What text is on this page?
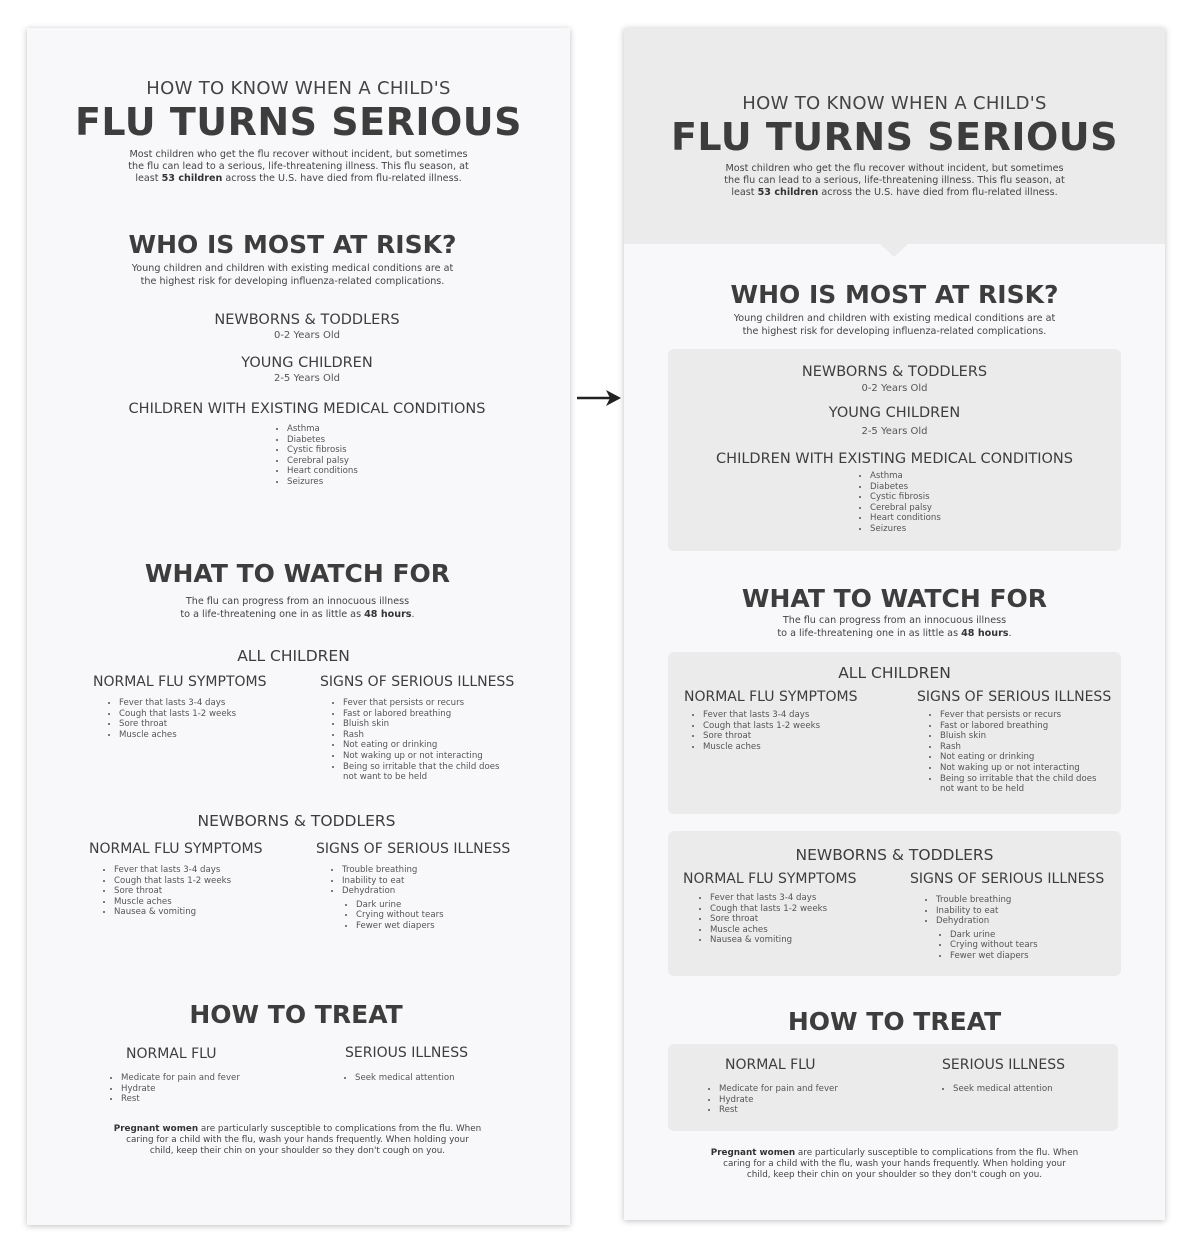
HOW TO KNOW WHEN A CHILD'S
FLU TURNS SERIOUS
Most children who get the flu recover without incident, but sometimes
the flu can lead to a serious, life-threatening illness. This flu season, at
least 53 children across the U.S. have died from flu-related illness.
WHO IS MOST AT RISK?
Young children and children with existing medical conditions are at
the highest risk for developing influenza-related complications.
NEWBORNS & TODDLERS
0-2 Years Old
YOUNG CHILDREN
2-5 Years Old
CHILDREN WITH EXISTING MEDICAL CONDITIONS
• Asthma
• Diabetes
• Cystic fibrosis
• Cerebral palsy
• Heart conditions
• Seizures
WHAT TO WATCH FOR
The flu can progress from an innocuous illness
to a life-threatening one in as little as 48 hours.
ALL CHILDREN
NORMAL FLU SYMPTOMS	SIGNS OF SERIOUS ILLNESS
• Fever that lasts 3-4 days
• Cough that lasts 1-2 weeks
• Sore throat
• Muscle aches
• Fever that persists or recurs
• Fast or labored breathing
• Bluish skin
• Rash
• Not eating or drinking
• Not waking up or not interacting
• Being so irritable that the child does not want to be held
NEWBORNS & TODDLERS
NORMAL FLU SYMPTOMS	SIGNS OF SERIOUS ILLNESS
• Fever that lasts 3-4 days
• Cough that lasts 1-2 weeks
• Sore throat
• Muscle aches
• Nausea & vomiting
• Trouble breathing
• Inability to eat
• Dehydration
• Dark urine
• Crying without tears
• Fewer wet diapers
HOW TO TREAT
NORMAL FLU	SERIOUS ILLNESS
• Medicate for pain and fever
• Hydrate
• Rest
• Seek medical attention
Pregnant women are particularly susceptible to complications from the flu. When
caring for a child with the flu, wash your hands frequently. When holding your
child, keep their chin on your shoulder so they don't cough on you.
HOW TO KNOW WHEN A CHILD'S
FLU TURNS SERIOUS
Most children who get the flu recover without incident, but sometimes
the flu can lead to a serious, life-threatening illness. This flu season, at
least 53 children across the U.S. have died from flu-related illness.
WHO IS MOST AT RISK?
Young children and children with existing medical conditions are at
the highest risk for developing influenza-related complications.
NEWBORNS & TODDLERS
0-2 Years Old
YOUNG CHILDREN
2-5 Years Old
CHILDREN WITH EXISTING MEDICAL CONDITIONS
• Asthma
• Diabetes
• Cystic fibrosis
• Cerebral palsy
• Heart conditions
• Seizures
WHAT TO WATCH FOR
The flu can progress from an innocuous illness
to a life-threatening one in as little as 48 hours.
ALL CHILDREN
NORMAL FLU SYMPTOMS	SIGNS OF SERIOUS ILLNESS
• Fever that lasts 3-4 days
• Cough that lasts 1-2 weeks
• Sore throat
• Muscle aches
• Fever that persists or recurs
• Fast or labored breathing
• Bluish skin
• Rash
• Not eating or drinking
• Not waking up or not interacting
• Being so irritable that the child does not want to be held
NEWBORNS & TODDLERS
NORMAL FLU SYMPTOMS	SIGNS OF SERIOUS ILLNESS
• Fever that lasts 3-4 days
• Cough that lasts 1-2 weeks
• Sore throat
• Muscle aches
• Nausea & vomiting
• Trouble breathing
• Inability to eat
• Dehydration
• Dark urine
• Crying without tears
• Fewer wet diapers
HOW TO TREAT
NORMAL FLU	SERIOUS ILLNESS
• Medicate for pain and fever
• Hydrate
• Rest
• Seek medical attention
Pregnant women are particularly susceptible to complications from the flu. When
caring for a child with the flu, wash your hands frequently. When holding your
child, keep their chin on your shoulder so they don't cough on you.
